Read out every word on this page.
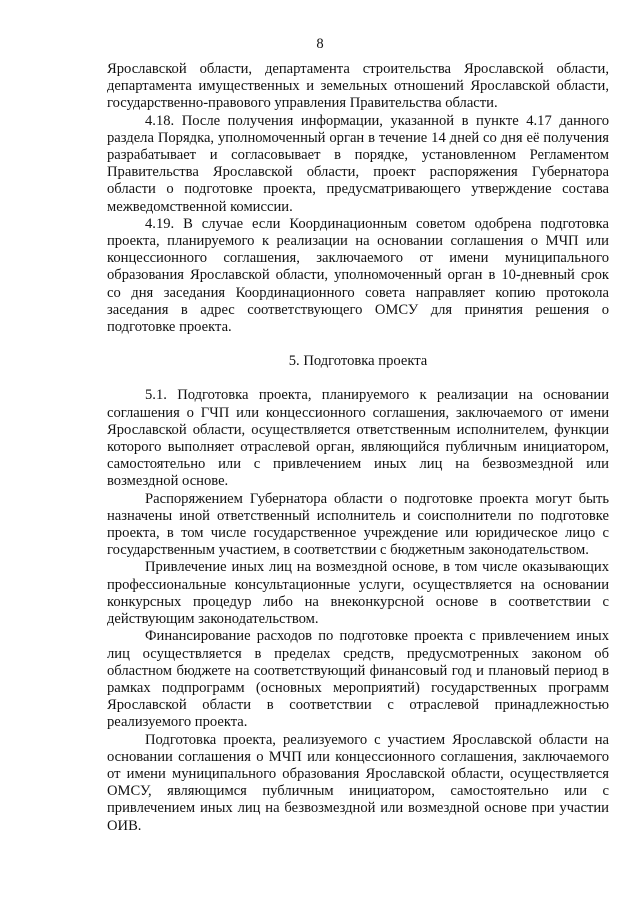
8

Ярославской области, департамента строительства Ярославской области, департамента имущественных и земельных отношений Ярославской области, государственно-правового управления Правительства области.

4.18. После получения информации, указанной в пункте 4.17 данного раздела Порядка, уполномоченный орган в течение 14 дней со дня её получения разрабатывает и согласовывает в порядке, установленном Регламентом Правительства Ярославской области, проект распоряжения Губернатора области о подготовке проекта, предусматривающего утверждение состава межведомственной комиссии.

4.19. В случае если Координационным советом одобрена подготовка проекта, планируемого к реализации на основании соглашения о МЧП или концессионного соглашения, заключаемого от имени муниципального образования Ярославской области, уполномоченный орган в 10-дневный срок со дня заседания Координационного совета направляет копию протокола заседания в адрес соответствующего ОМСУ для принятия решения о подготовке проекта.

5. Подготовка проекта

5.1. Подготовка проекта, планируемого к реализации на основании соглашения о ГЧП или концессионного соглашения, заключаемого от имени Ярославской области, осуществляется ответственным исполнителем, функции которого выполняет отраслевой орган, являющийся публичным инициатором, самостоятельно или с привлечением иных лиц на безвозмездной или возмездной основе.

Распоряжением Губернатора области о подготовке проекта могут быть назначены иной ответственный исполнитель и соисполнители по подготовке проекта, в том числе государственное учреждение или юридическое лицо с государственным участием, в соответствии с бюджетным законодательством.

Привлечение иных лиц на возмездной основе, в том числе оказывающих профессиональные консультационные услуги, осуществляется на основании конкурсных процедур либо на внеконкурсной основе в соответствии с действующим законодательством.

Финансирование расходов по подготовке проекта с привлечением иных лиц осуществляется в пределах средств, предусмотренных законом об областном бюджете на соответствующий финансовый год и плановый период в рамках подпрограмм (основных мероприятий) государственных программ Ярославской области в соответствии с отраслевой принадлежностью реализуемого проекта.

Подготовка проекта, реализуемого с участием Ярославской области на основании соглашения о МЧП или концессионного соглашения, заключаемого от имени муниципального образования Ярославской области, осуществляется ОМСУ, являющимся публичным инициатором, самостоятельно или с привлечением иных лиц на безвозмездной или возмездной основе при участии ОИВ.
